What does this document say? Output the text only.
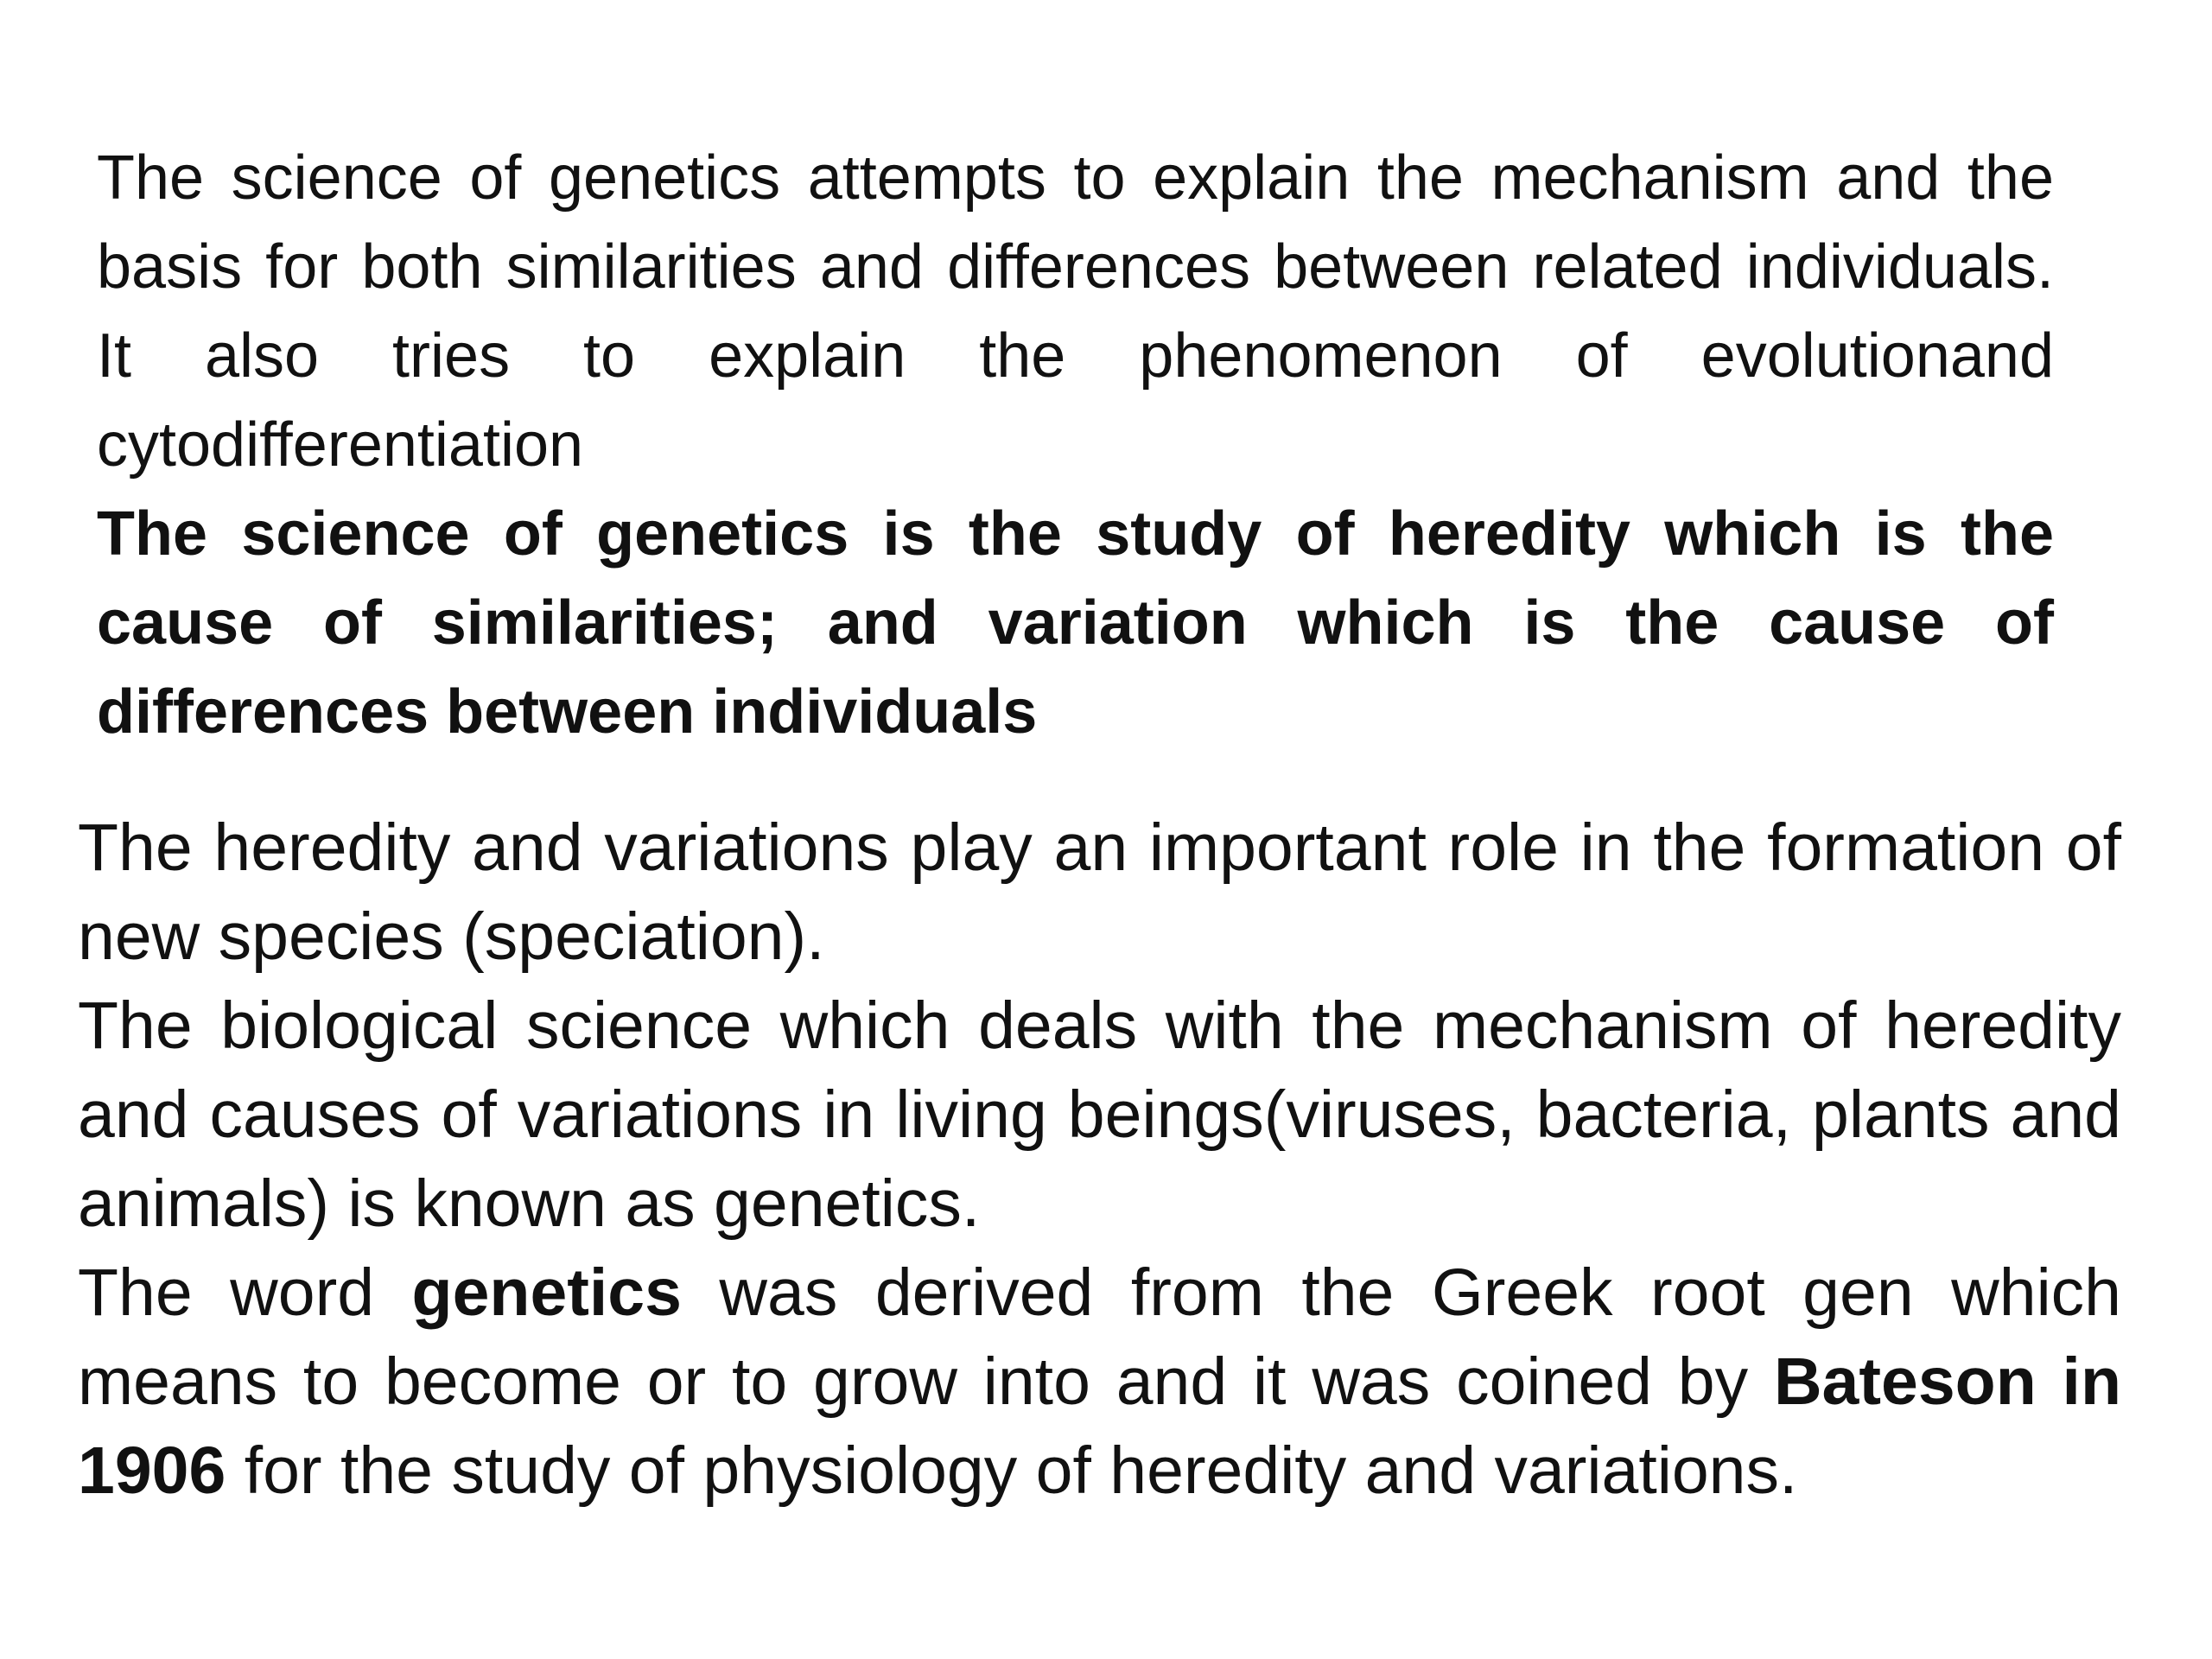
The science of genetics attempts to explain the mechanism and the basis for both similarities and differences between related individuals. It also tries to explain the phenomenon of evolutionand cytodifferentiation

The science of genetics is the study of heredity which is the cause of similarities; and variation which is the cause of differences between individuals

The heredity and variations play an important role in the formation of new species (speciation).

The biological science which deals with the mechanism of heredity and causes of variations in living beings(viruses, bacteria, plants and animals) is known as genetics.

The word genetics was derived from the Greek root gen which means to become or to grow into and it was coined by Bateson in 1906 for the study of physiology of heredity and variations.
